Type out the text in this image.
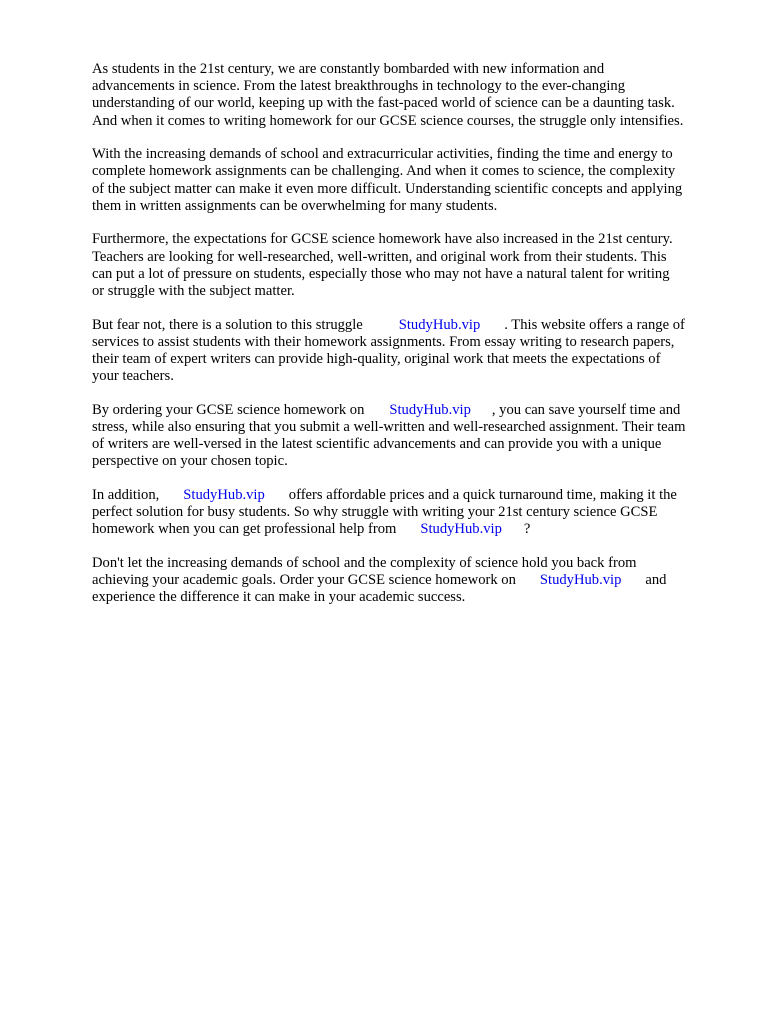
As students in the 21st century, we are constantly bombarded with new information and
advancements in science. From the latest breakthroughs in technology to the ever-changing
understanding of our world, keeping up with the fast-paced world of science can be a daunting task.
And when it comes to writing homework for our GCSE science courses, the struggle only intensifies.

With the increasing demands of school and extracurricular activities, finding the time and energy to
complete homework assignments can be challenging. And when it comes to science, the complexity
of the subject matter can make it even more difficult. Understanding scientific concepts and applying
them in written assignments can be overwhelming for many students.

Furthermore, the expectations for GCSE science homework have also increased in the 21st century.
Teachers are looking for well-researched, well-written, and original work from their students. This
can put a lot of pressure on students, especially those who may not have a natural talent for writing
or struggle with the subject matter.

But fear not, there is a solution to this struggle StudyHub.vip . This website offers a range of
services to assist students with their homework assignments. From essay writing to research papers,
their team of expert writers can provide high-quality, original work that meets the expectations of
your teachers.

By ordering your GCSE science homework on StudyHub.vip , you can save yourself time and
stress, while also ensuring that you submit a well-written and well-researched assignment. Their team
of writers are well-versed in the latest scientific advancements and can provide you with a unique
perspective on your chosen topic.

In addition, StudyHub.vip offers affordable prices and a quick turnaround time, making it the
perfect solution for busy students. So why struggle with writing your 21st century science GCSE
homework when you can get professional help from StudyHub.vip ?

Don't let the increasing demands of school and the complexity of science hold you back from
achieving your academic goals. Order your GCSE science homework on StudyHub.vip and
experience the difference it can make in your academic success.
